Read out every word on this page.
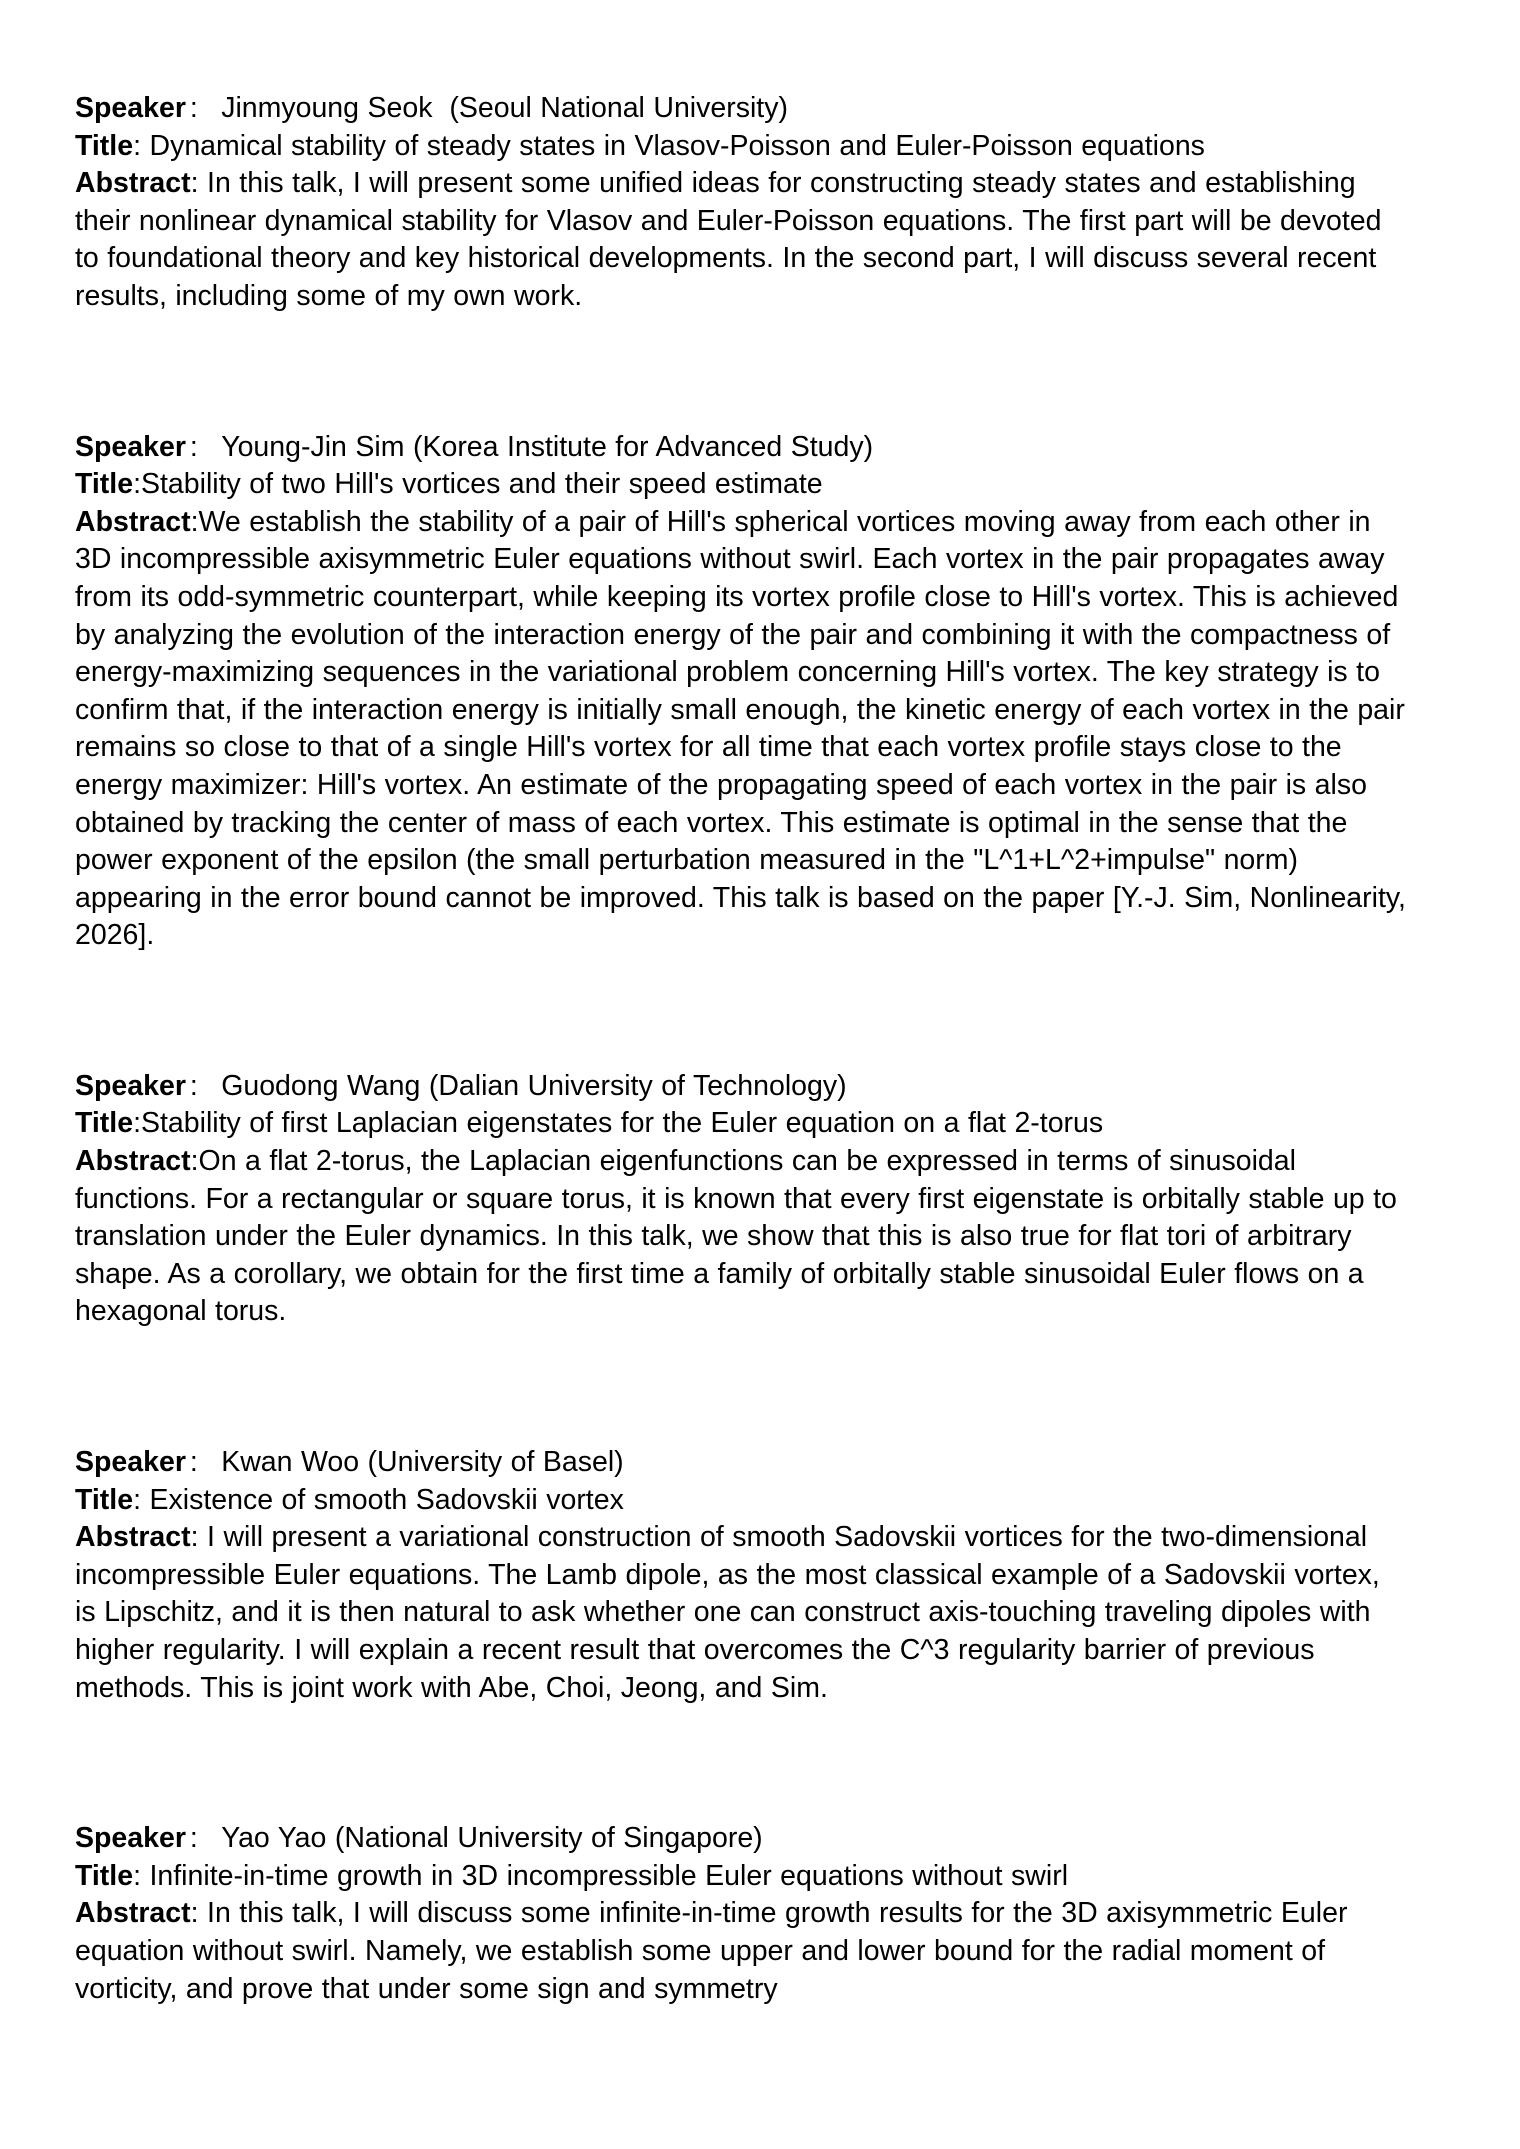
Speaker : Jinmyoung Seok  (Seoul National University)

Title: Dynamical stability of steady states in Vlasov-Poisson and Euler-Poisson equations

Abstract: In this talk, I will present some unified ideas for constructing steady states and establishing their nonlinear dynamical stability for Vlasov and Euler-Poisson equations. The first part will be devoted to foundational theory and key historical developments. In the second part, I will discuss several recent results, including some of my own work.

Speaker : Young-Jin Sim (Korea Institute for Advanced Study)

Title:Stability of two Hill's vortices and their speed estimate

Abstract:We establish the stability of a pair of Hill's spherical vortices moving away from each other in 3D incompressible axisymmetric Euler equations without swirl. Each vortex in the pair propagates away from its odd-symmetric counterpart, while keeping its vortex profile close to Hill's vortex. This is achieved by analyzing the evolution of the interaction energy of the pair and combining it with the compactness of energy-maximizing sequences in the variational problem concerning Hill's vortex. The key strategy is to confirm that, if the interaction energy is initially small enough, the kinetic energy of each vortex in the pair remains so close to that of a single Hill's vortex for all time that each vortex profile stays close to the energy maximizer: Hill's vortex. An estimate of the propagating speed of each vortex in the pair is also obtained by tracking the center of mass of each vortex. This estimate is optimal in the sense that the power exponent of the epsilon (the small perturbation measured in the "L^1+L^2+impulse" norm) appearing in the error bound cannot be improved. This talk is based on the paper [Y.-J. Sim, Nonlinearity, 2026].

Speaker : Guodong Wang (Dalian University of Technology)

Title:Stability of first Laplacian eigenstates for the Euler equation on a flat 2-torus

Abstract:On a flat 2-torus, the Laplacian eigenfunctions can be expressed in terms of sinusoidal functions. For a rectangular or square torus, it is known that every first eigenstate is orbitally stable up to translation under the Euler dynamics. In this talk, we show that this is also true for flat tori of arbitrary shape. As a corollary, we obtain for the first time a family of orbitally stable sinusoidal Euler flows on a hexagonal torus.

Speaker : Kwan Woo (University of Basel)

Title: Existence of smooth Sadovskii vortex

Abstract: I will present a variational construction of smooth Sadovskii vortices for the two-dimensional incompressible Euler equations. The Lamb dipole, as the most classical example of a Sadovskii vortex, is Lipschitz, and it is then natural to ask whether one can construct axis-touching traveling dipoles with higher regularity. I will explain a recent result that overcomes the C^3 regularity barrier of previous methods. This is joint work with Abe, Choi, Jeong, and Sim.

Speaker : Yao Yao (National University of Singapore)

Title: Infinite-in-time growth in 3D incompressible Euler equations without swirl

Abstract: In this talk, I will discuss some infinite-in-time growth results for the 3D axisymmetric Euler equation without swirl. Namely, we establish some upper and lower bound for the radial moment of vorticity, and prove that under some sign and symmetry
